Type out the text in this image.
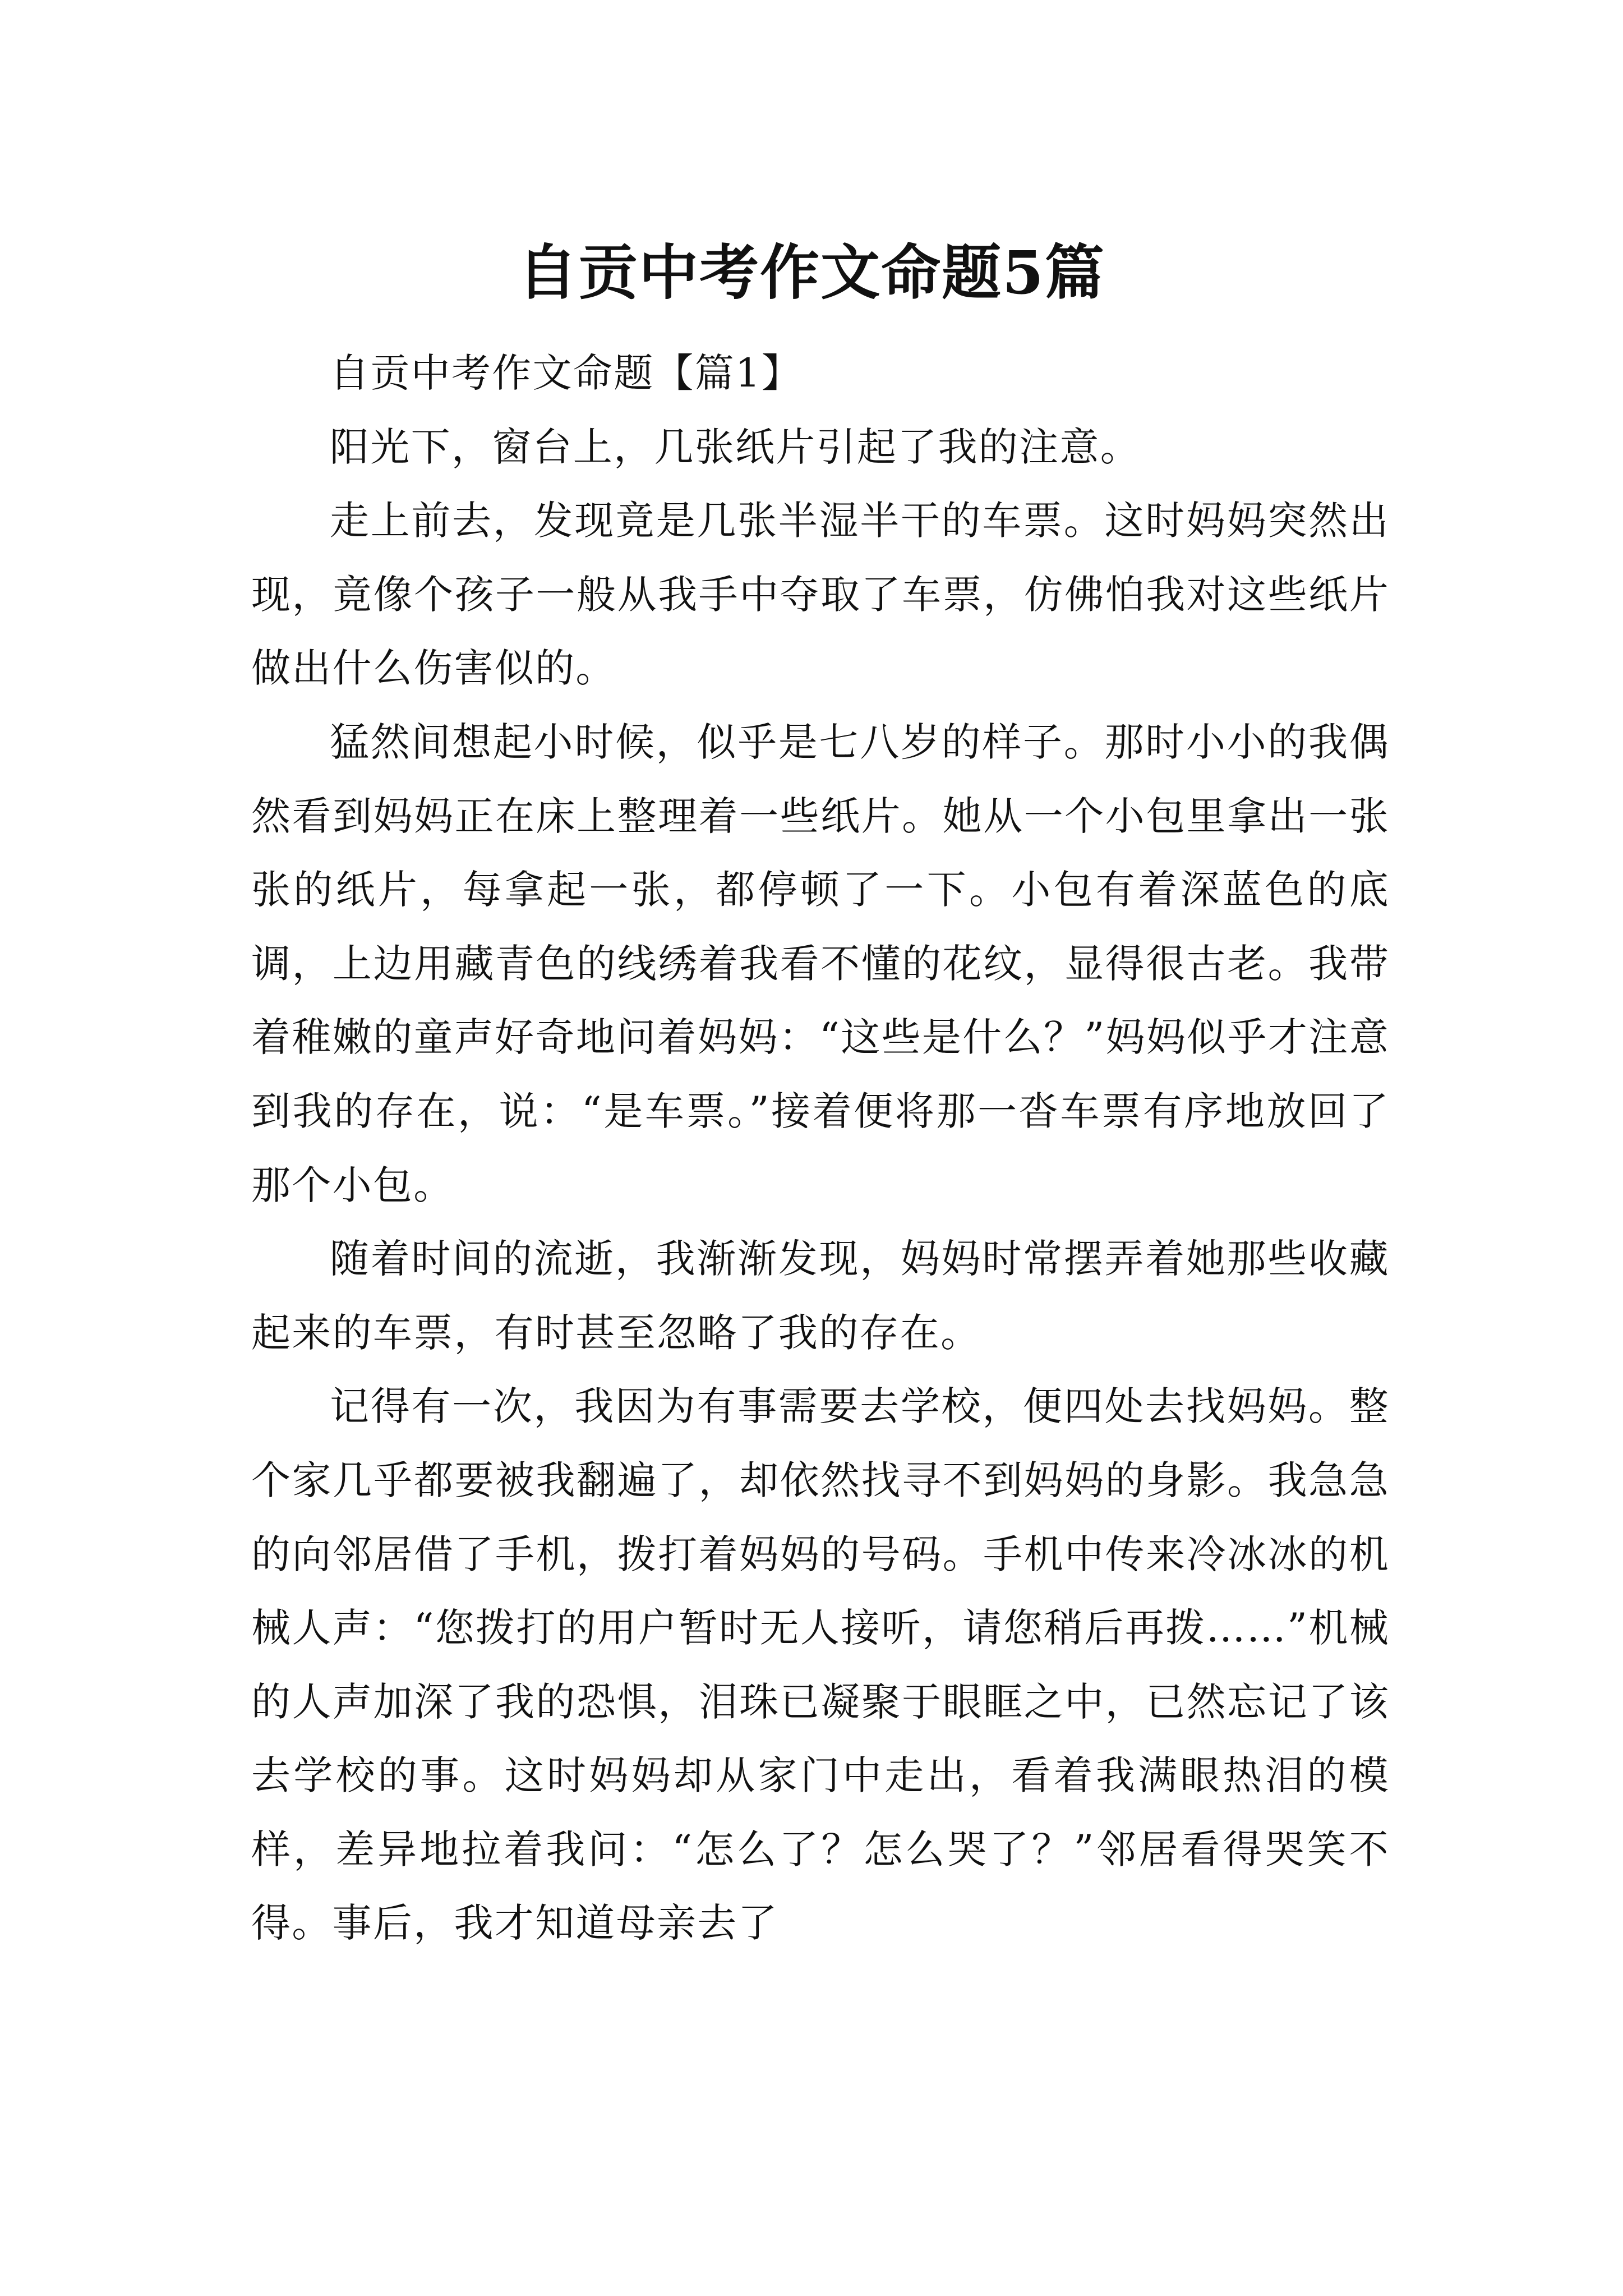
自贡中考作文命题5篇

自贡中考作文命题【篇1】

阳光下，窗台上，几张纸片引起了我的注意。

走上前去，发现竟是几张半湿半干的车票。这时妈妈突然出现，竟像个孩子一般从我手中夺取了车票，仿佛怕我对这些纸片做出什么伤害似的。

猛然间想起小时候，似乎是七八岁的样子。那时小小的我偶然看到妈妈正在床上整理着一些纸片。她从一个小包里拿出一张张的纸片，每拿起一张，都停顿了一下。小包有着深蓝色的底调，上边用藏青色的线绣着我看不懂的花纹，显得很古老。我带着稚嫩的童声好奇地问着妈妈：“这些是什么？”妈妈似乎才注意到我的存在，说：“是车票。”接着便将那一沓车票有序地放回了那个小包。

随着时间的流逝，我渐渐发现，妈妈时常摆弄着她那些收藏起来的车票，有时甚至忽略了我的存在。

记得有一次，我因为有事需要去学校，便四处去找妈妈。整个家几乎都要被我翻遍了，却依然找寻不到妈妈的身影。我急急的向邻居借了手机，拨打着妈妈的号码。手机中传来冷冰冰的机械人声：“您拨打的用户暂时无人接听，请您稍后再拨……”机械的人声加深了我的恐惧，泪珠已凝聚于眼眶之中，已然忘记了该去学校的事。这时妈妈却从家门中走出，看着我满眼热泪的模样，差异地拉着我问：“怎么了？怎么哭了？”邻居看得哭笑不得。事后，我才知道母亲去了
